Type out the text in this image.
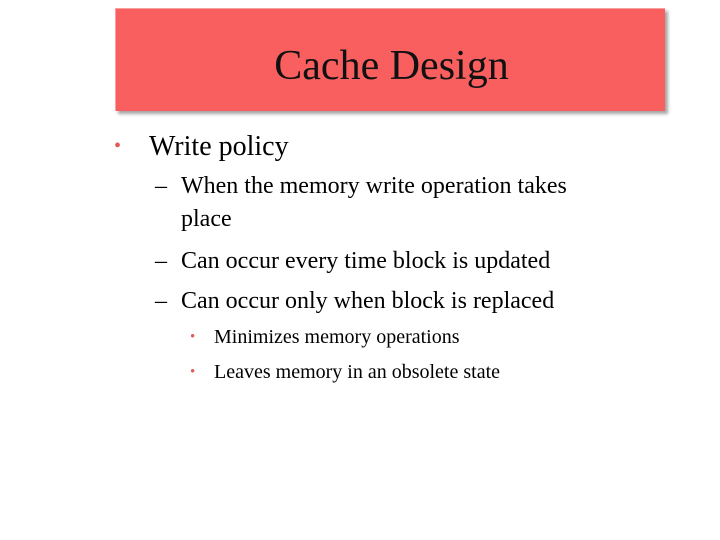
Cache Design
• Write policy
– When the memory write operation takes
place
– Can occur every time block is updated
– Can occur only when block is replaced
• Minimizes memory operations
• Leaves memory in an obsolete state
